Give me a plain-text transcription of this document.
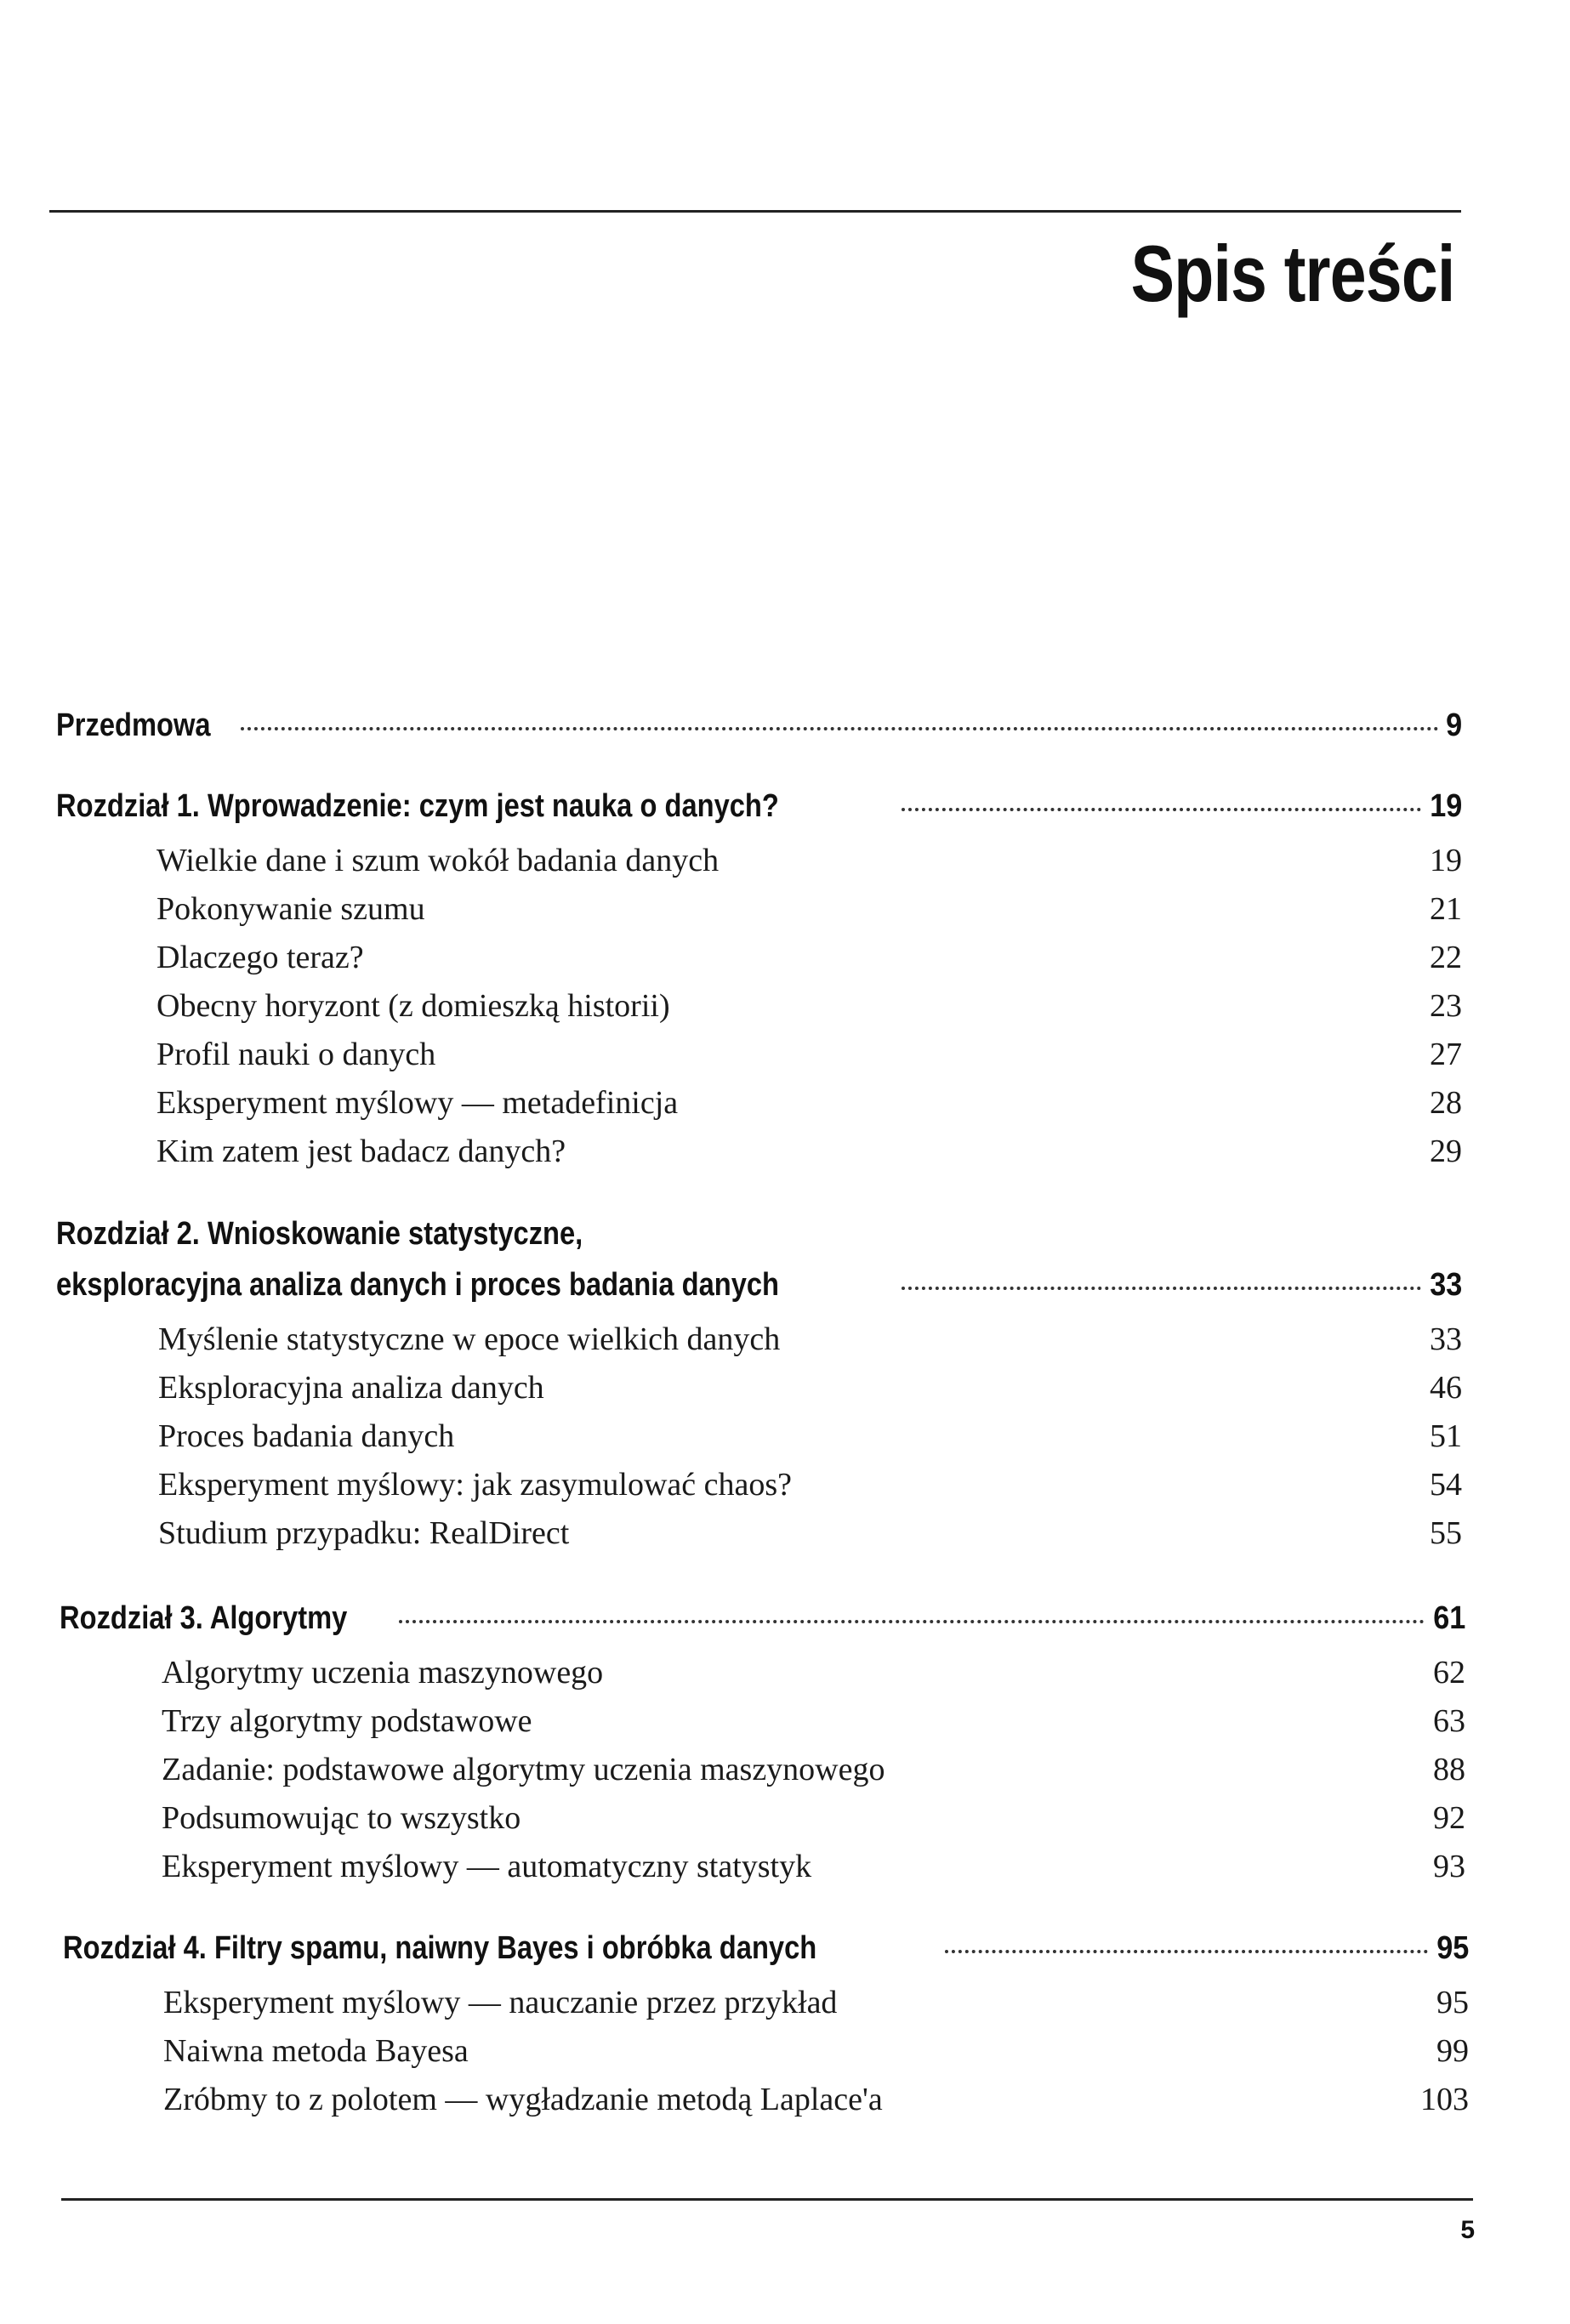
Spis treści
Przedmowa	9
Rozdział 1. Wprowadzenie: czym jest nauka o danych?	19
Wielkie dane i szum wokół badania danych	19
Pokonywanie szumu	21
Dlaczego teraz?	22
Obecny horyzont (z domieszką historii)	23
Profil nauki o danych	27
Eksperyment myślowy — metadefinicja	28
Kim zatem jest badacz danych?	29
Rozdział 2. Wnioskowanie statystyczne,
eksploracyjna analiza danych i proces badania danych	33
Myślenie statystyczne w epoce wielkich danych	33
Eksploracyjna analiza danych	46
Proces badania danych	51
Eksperyment myślowy: jak zasymulować chaos?	54
Studium przypadku: RealDirect	55
Rozdział 3. Algorytmy	61
Algorytmy uczenia maszynowego	62
Trzy algorytmy podstawowe	63
Zadanie: podstawowe algorytmy uczenia maszynowego	88
Podsumowując to wszystko	92
Eksperyment myślowy — automatyczny statystyk	93
Rozdział 4. Filtry spamu, naiwny Bayes i obróbka danych	95
Eksperyment myślowy — nauczanie przez przykład	95
Naiwna metoda Bayesa	99
Zróbmy to z polotem — wygładzanie metodą Laplace'a	103
5
